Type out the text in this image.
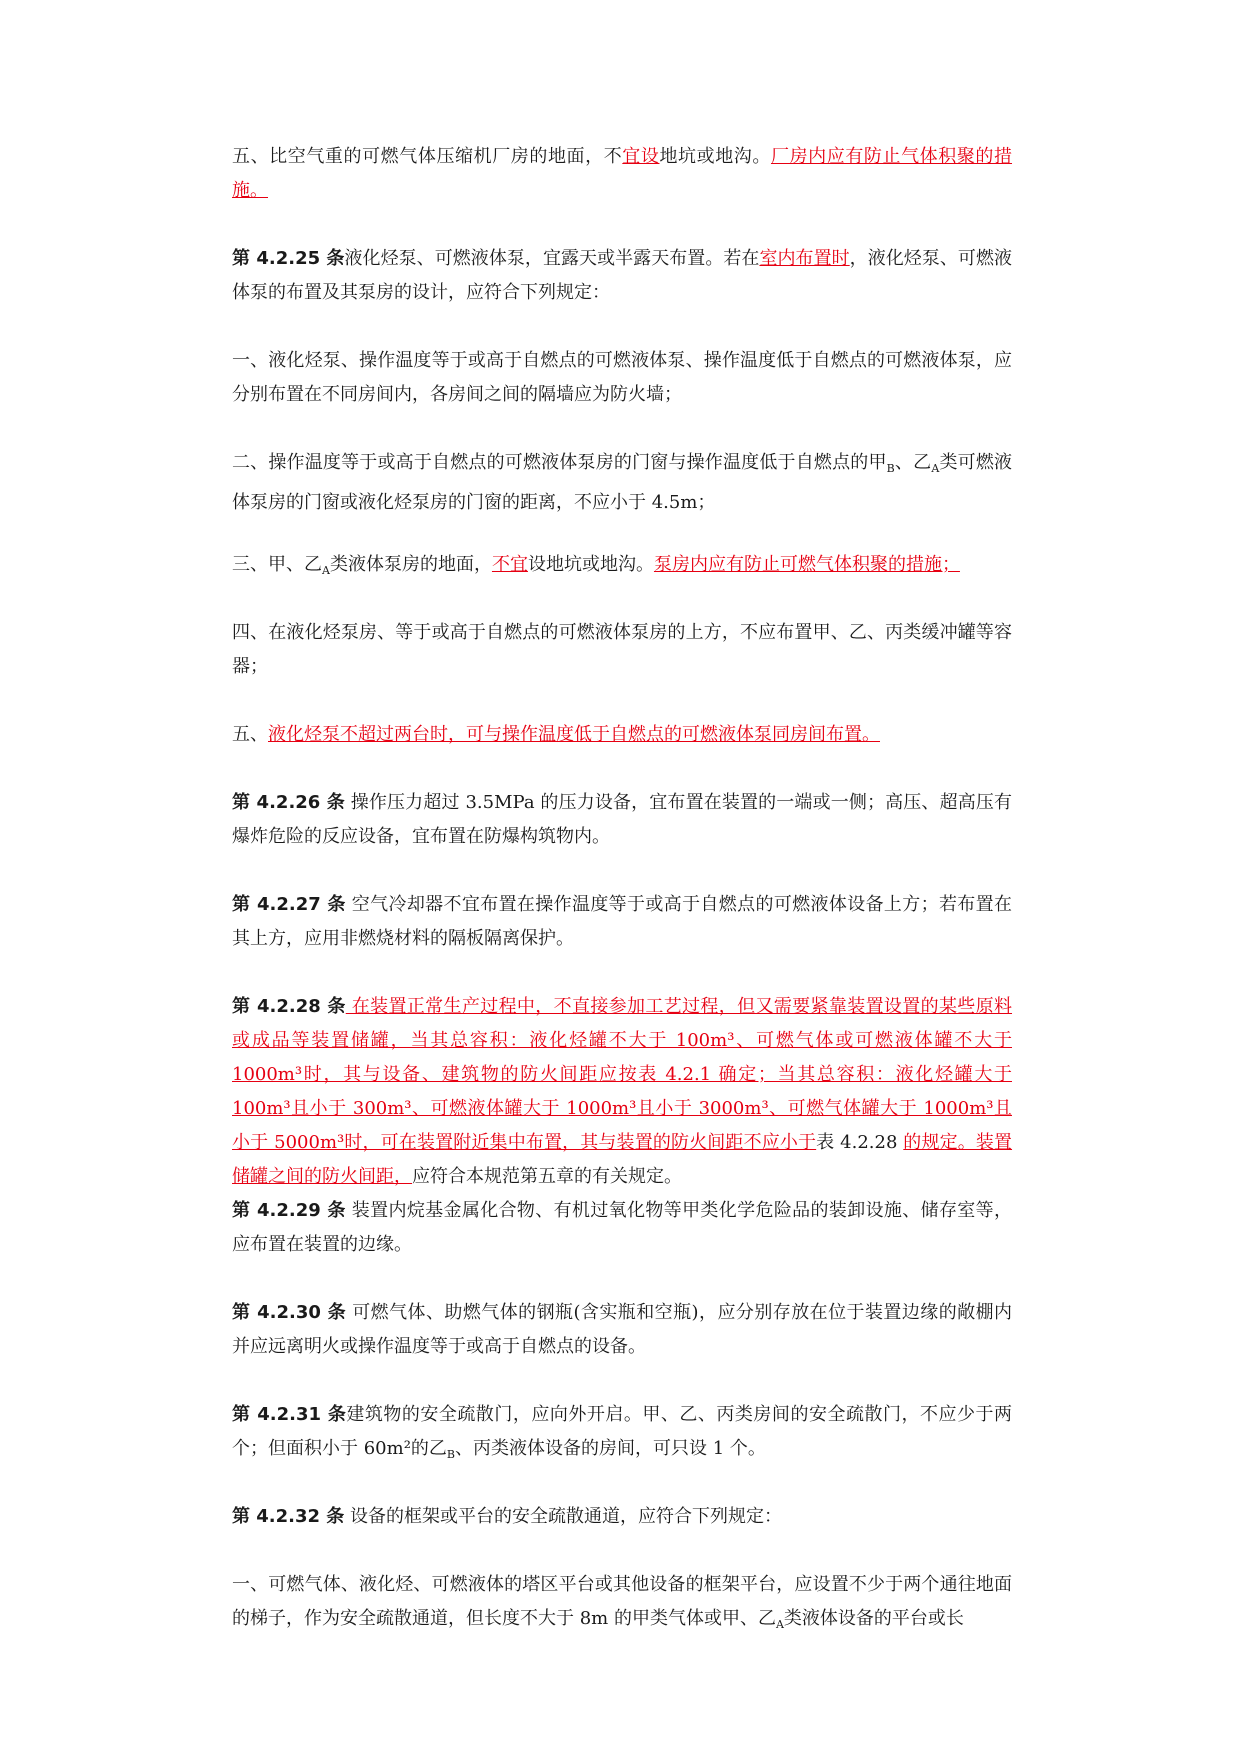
五、比空气重的可燃气体压缩机厂房的地面，不宜设地坑或地沟。厂房内应有防止气体积聚的措施。

第 4.2.25 条液化烃泵、可燃液体泵，宜露天或半露天布置。若在室内布置时，液化烃泵、可燃液体泵的布置及其泵房的设计，应符合下列规定：

一、液化烃泵、操作温度等于或高于自燃点的可燃液体泵、操作温度低于自燃点的可燃液体泵，应分别布置在不同房间内，各房间之间的隔墙应为防火墙；

二、操作温度等于或高于自燃点的可燃液体泵房的门窗与操作温度低于自燃点的甲$_B$、乙$_A$类可燃液体泵房的门窗或液化烃泵房的门窗的距离，不应小于 4.5m；

三、甲、乙$_A$类液体泵房的地面，不宜设地坑或地沟。泵房内应有防止可燃气体积聚的措施；

四、在液化烃泵房、等于或高于自燃点的可燃液体泵房的上方，不应布置甲、乙、丙类缓冲罐等容器；

五、液化烃泵不超过两台时，可与操作温度低于自燃点的可燃液体泵同房间布置。

第 4.2.26 条 操作压力超过 3.5MPa 的压力设备，宜布置在装置的一端或一侧；高压、超高压有爆炸危险的反应设备，宜布置在防爆构筑物内。

第 4.2.27 条 空气冷却器不宜布置在操作温度等于或高于自燃点的可燃液体设备上方；若布置在其上方，应用非燃烧材料的隔板隔离保护。

第 4.2.28 条 在装置正常生产过程中，不直接参加工艺过程，但又需要紧靠装置设置的某些原料或成品等装置储罐，当其总容积：液化烃罐不大于 100m³、可燃气体或可燃液体罐不大于 1000m³时，其与设备、建筑物的防火间距应按表 4.2.1 确定；当其总容积：液化烃罐大于 100m³且小于 300m³、可燃液体罐大于 1000m³且小于 3000m³、可燃气体罐大于 1000m³且小于 5000m³时，可在装置附近集中布置，其与装置的防火间距不应小于表 4.2.28 的规定。装置储罐之间的防火间距，应符合本规范第五章的有关规定。

第 4.2.29 条 装置内烷基金属化合物、有机过氧化物等甲类化学危险品的装卸设施、储存室等，应布置在装置的边缘。

第 4.2.30 条 可燃气体、助燃气体的钢瓶(含实瓶和空瓶)，应分别存放在位于装置边缘的敞棚内并应远离明火或操作温度等于或高于自燃点的设备。

第 4.2.31 条建筑物的安全疏散门，应向外开启。甲、乙、丙类房间的安全疏散门，不应少于两个；但面积小于 60m²的乙$_B$、丙类液体设备的房间，可只设 1 个。

第 4.2.32 条 设备的框架或平台的安全疏散通道，应符合下列规定：

一、可燃气体、液化烃、可燃液体的塔区平台或其他设备的框架平台，应设置不少于两个通往地面的梯子，作为安全疏散通道，但长度不大于 8m 的甲类气体或甲、乙$_A$类液体设备的平台或长
